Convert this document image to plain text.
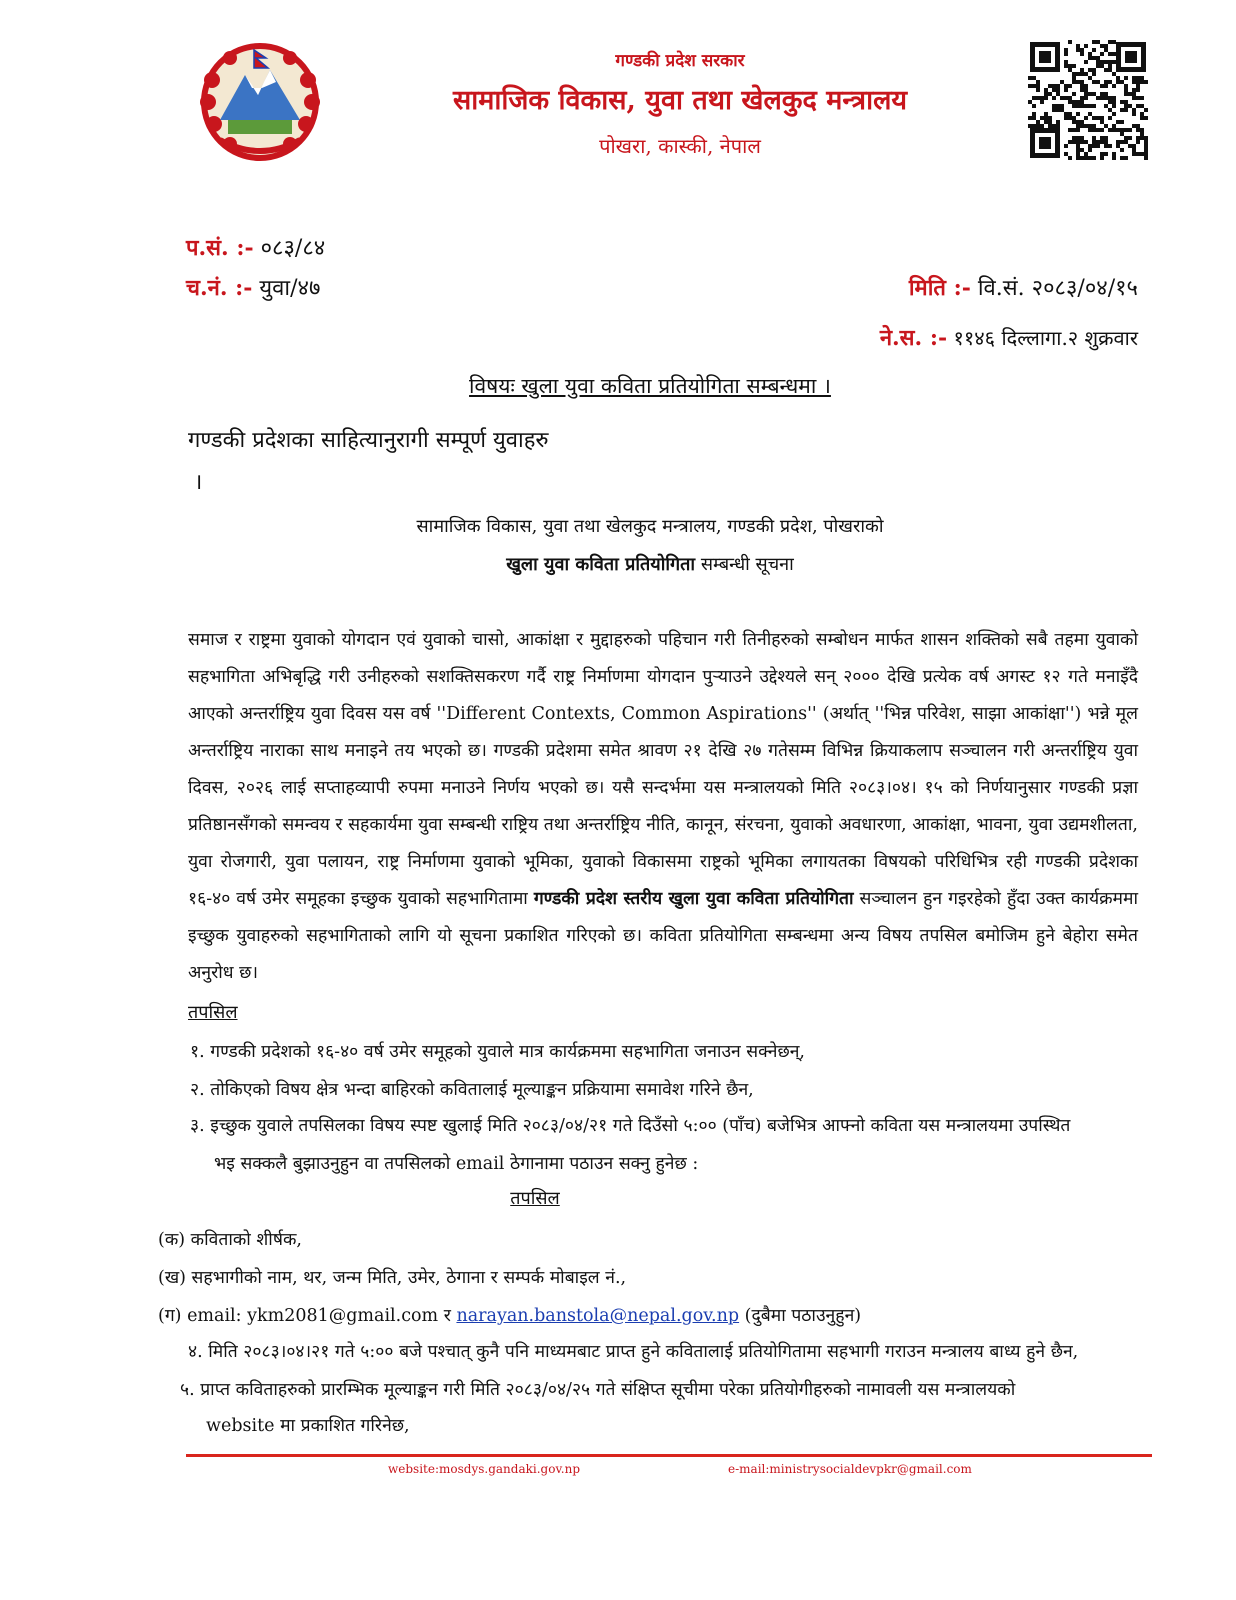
गण्डकी प्रदेश सरकार
सामाजिक विकास, युवा तथा खेलकुद मन्त्रालय
पोखरा, कास्की, नेपाल
प.सं. :- ०८३/८४
च.नं. :- युवा/४७	मिति :- वि.सं. २०८३/०४/१५
ने.स. :- ११४६ दिल्लागा.२ शुक्रवार
विषयः खुला युवा कविता प्रतियोगिता सम्बन्धमा ।
गण्डकी प्रदेशका साहित्यानुरागी सम्पूर्ण युवाहरु
।
सामाजिक विकास, युवा तथा खेलकुद मन्त्रालय, गण्डकी प्रदेश, पोखराको
खुला युवा कविता प्रतियोगिता सम्बन्धी सूचना
समाज र राष्ट्रमा युवाको योगदान एवं युवाको चासो, आकांक्षा र मुद्दाहरुको पहिचान गरी तिनीहरुको सम्बोधन मार्फत शासन शक्तिको सबै तहमा युवाको सहभागिता अभिबृद्धि गरी उनीहरुको सशक्तिसकरण गर्दै राष्ट्र निर्माणमा योगदान पुऱ्याउने उद्देश्यले सन् २००० देखि प्रत्येक वर्ष अगस्ट १२ गते मनाइँदै आएको अन्तर्राष्ट्रिय युवा दिवस यस वर्ष ''Different Contexts, Common Aspirations'' (अर्थात् ''भिन्न परिवेश, साझा आकांक्षा'') भन्ने मूल अन्तर्राष्ट्रिय नाराका साथ मनाइने तय भएको छ। गण्डकी प्रदेशमा समेत श्रावण २१ देखि २७ गतेसम्म विभिन्न क्रियाकलाप सञ्चालन गरी अन्तर्राष्ट्रिय युवा दिवस, २०२६ लाई सप्ताहव्यापी रुपमा मनाउने निर्णय भएको छ। यसै सन्दर्भमा यस मन्त्रालयको मिति २०८३।०४। १५ को निर्णयानुसार गण्डकी प्रज्ञा प्रतिष्ठानसँगको समन्वय र सहकार्यमा युवा सम्बन्धी राष्ट्रिय तथा अन्तर्राष्ट्रिय नीति, कानून, संरचना, युवाको अवधारणा, आकांक्षा, भावना, युवा उद्यमशीलता, युवा रोजगारी, युवा पलायन, राष्ट्र निर्माणमा युवाको भूमिका, युवाको विकासमा राष्ट्रको भूमिका लगायतका विषयको परिधिभित्र रही गण्डकी प्रदेशका १६-४० वर्ष उमेर समूहका इच्छुक युवाको सहभागितामा गण्डकी प्रदेश स्तरीय खुला युवा कविता प्रतियोगिता सञ्चालन हुन गइरहेको हुँदा उक्त कार्यक्रममा इच्छुक युवाहरुको सहभागिताको लागि यो सूचना प्रकाशित गरिएको छ। कविता प्रतियोगिता सम्बन्धमा अन्य विषय तपसिल बमोजिम हुने बेहोरा समेत अनुरोध छ।
तपसिल
१. गण्डकी प्रदेशको १६-४० वर्ष उमेर समूहको युवाले मात्र कार्यक्रममा सहभागिता जनाउन सक्नेछन्,
२. तोकिएको विषय क्षेत्र भन्दा बाहिरको कवितालाई मूल्याङ्कन प्रक्रियामा समावेश गरिने छैन,
३. इच्छुक युवाले तपसिलका विषय स्पष्ट खुलाई मिति २०८३/०४/२१ गते दिउँसो ५:०० (पाँच) बजेभित्र आफ्नो कविता यस मन्त्रालयमा उपस्थित
भइ सक्कलै बुझाउनुहुन वा तपसिलको email ठेगानामा पठाउन सक्नु हुनेछ :
तपसिल
(क) कविताको शीर्षक,
(ख) सहभागीको नाम, थर, जन्म मिति, उमेर, ठेगाना र सम्पर्क मोबाइल नं.,
(ग) email: ykm2081@gmail.com र narayan.banstola@nepal.gov.np (दुबैमा पठाउनुहुन)
४. मिति २०८३।०४।२१ गते ५:०० बजे पश्चात् कुनै पनि माध्यमबाट प्राप्त हुने कवितालाई प्रतियोगितामा सहभागी गराउन मन्त्रालय बाध्य हुने छैन,
५. प्राप्त कविताहरुको प्रारम्भिक मूल्याङ्कन गरी मिति २०८३/०४/२५ गते संक्षिप्त सूचीमा परेका प्रतियोगीहरुको नामावली यस मन्त्रालयको
website मा प्रकाशित गरिनेछ,
website:mosdys.gandaki.gov.np	e-mail:ministrysocialdevpkr@gmail.com
